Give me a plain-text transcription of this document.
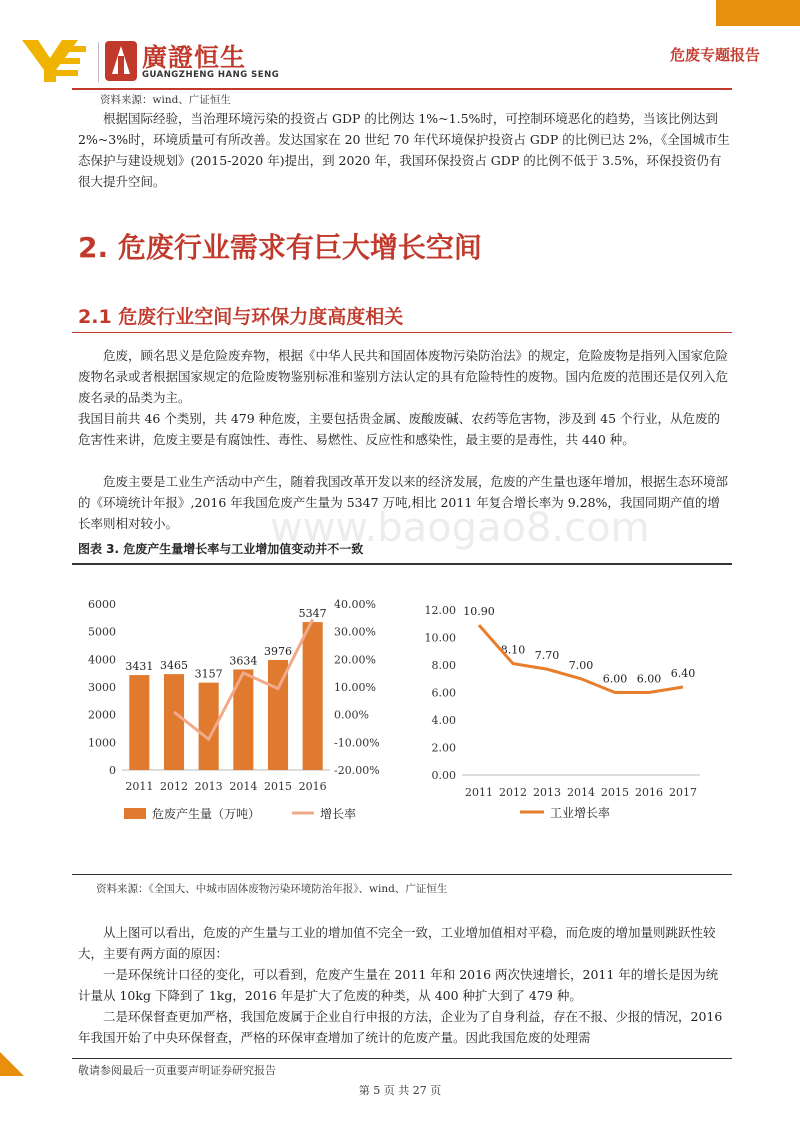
廣證恒生
GUANGZHENG HANG SENG
危废专题报告
资料来源：wind、广证恒生

根据国际经验，当治理环境污染的投资占 GDP 的比例达 1%~1.5%时，可控制环境恶化的趋势，当该比例达到 2%~3%时，环境质量可有所改善。发达国家在 20 世纪 70 年代环境保护投资占 GDP 的比例已达 2%，《全国城市生态保护与建设规划》(2015-2020 年)提出，到 2020 年，我国环保投资占 GDP 的比例不低于 3.5%，环保投资仍有很大提升空间。

2. 危废行业需求有巨大增长空间
2.1 危废行业空间与环保力度高度相关

危废，顾名思义是危险废弃物，根据《中华人民共和国固体废物污染防治法》的规定，危险废物是指列入国家危险废物名录或者根据国家规定的危险废物鉴别标准和鉴别方法认定的具有危险特性的废物。国内危废的范围还是仅列入危废名录的品类为主。

我国目前共 46 个类别，共 479 种危废，主要包括贵金属、废酸废碱、农药等危害物，涉及到 45 个行业，从危废的危害性来讲，危废主要是有腐蚀性、毒性、易燃性、反应性和感染性，最主要的是毒性，共 440 种。

危废主要是工业生产活动中产生，随着我国改革开发以来的经济发展，危废的产生量也逐年增加，根据生态环境部的《环境统计年报》,2016 年我国危废产生量为 5347 万吨,相比 2011 年复合增长率为 9.28%，我国同期产值的增长率则相对较小。

图表 3. 危废产生量增长率与工业增加值变动并不一致
www.baogao8.com
6000
5000
4000
3000
2000
1000
0
40.00%
30.00%
20.00%
10.00%
0.00%
-10.00%
-20.00%
3431
2011
3465
2012
3157
2013
3634
2014
3976
2015
5347
2016
危废产生量（万吨）	增长率
12.00
10.00
8.00
6.00
4.00
2.00
0.00
10.90
2011
8.10
2012
7.70
2013
7.00
2014
6.00
2015
6.00
2016
6.40
2017
工业增长率
资料来源：《全国大、中城市固体废物污染环境防治年报》、wind、广证恒生

从上图可以看出，危废的产生量与工业的增加值不完全一致，工业增加值相对平稳，而危废的增加量则跳跃性较大，主要有两方面的原因：

一是环保统计口径的变化，可以看到，危废产生量在 2011 年和 2016 两次快速增长，2011 年的增长是因为统计量从 10kg 下降到了 1kg，2016 年是扩大了危废的种类，从 400 种扩大到了 479 种。

二是环保督查更加严格，我国危废属于企业自行申报的方法，企业为了自身利益，存在不报、少报的情况，2016 年我国开始了中央环保督查，严格的环保审查增加了统计的危废产量。因此我国危废的处理需

敬请参阅最后一页重要声明证券研究报告
第 5 页 共 27 页
